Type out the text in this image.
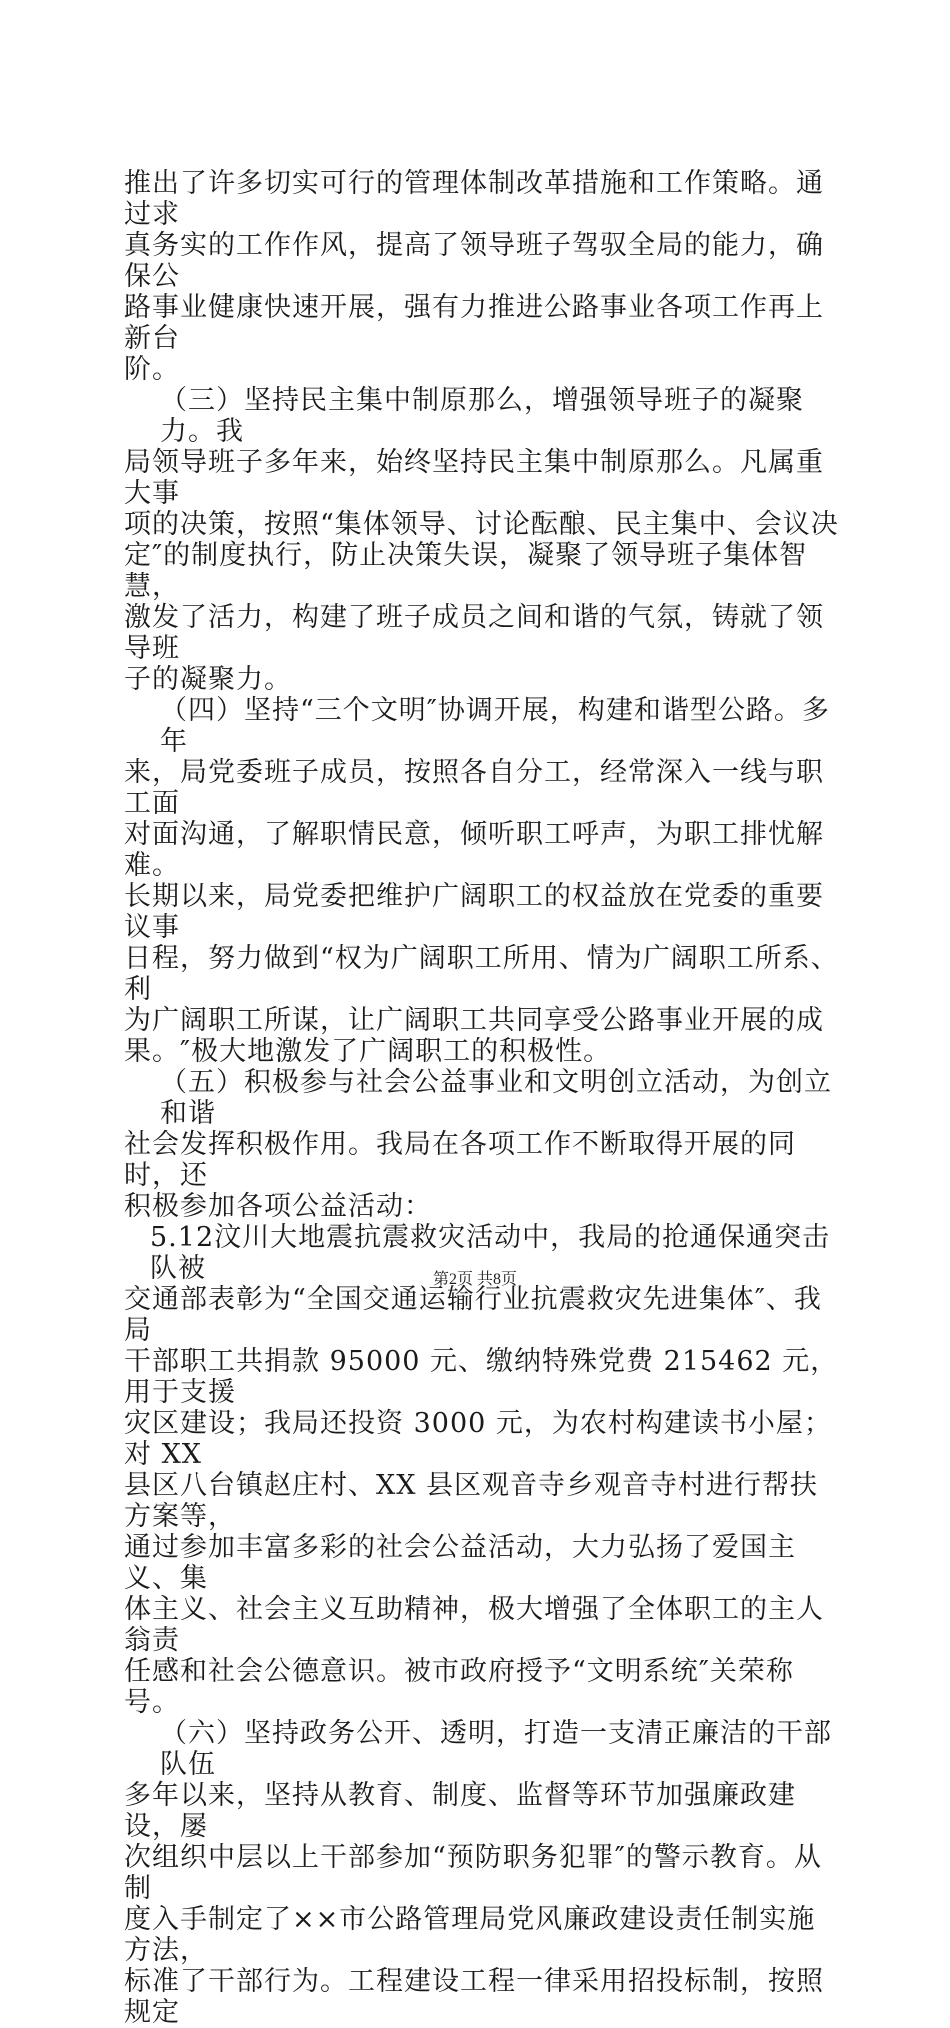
推出了许多切实可行的管理体制改革措施和工作策略。通过求
真务实的工作作风，提高了领导班子驾驭全局的能力，确保公
路事业健康快速开展，强有力推进公路事业各项工作再上新台
阶。
（三）坚持民主集中制原那么，增强领导班子的凝聚力。我
局领导班子多年来，始终坚持民主集中制原那么。凡属重大事
项的决策，按照“集体领导、讨论酝酿、民主集中、会议决
定″的制度执行，防止决策失误，凝聚了领导班子集体智慧，
激发了活力，构建了班子成员之间和谐的气氛，铸就了领导班
子的凝聚力。
（四）坚持“三个文明″协调开展，构建和谐型公路。多年
来，局党委班子成员，按照各自分工，经常深入一线与职工面
对面沟通，了解职情民意，倾听职工呼声，为职工排忧解难。
长期以来，局党委把维护广阔职工的权益放在党委的重要议事
日程，努力做到“权为广阔职工所用、情为广阔职工所系、利
为广阔职工所谋，让广阔职工共同享受公路事业开展的成
果。″极大地激发了广阔职工的积极性。
（五）积极参与社会公益事业和文明创立活动，为创立和谐
社会发挥积极作用。我局在各项工作不断取得开展的同时，还
积极参加各项公益活动：
5.12汶川大地震抗震救灾活动中，我局的抢通保通突击队被
交通部表彰为“全国交通运输行业抗震救灾先进集体″、我局
干部职工共捐款 95000 元、缴纳特殊党费 215462 元，用于支援
灾区建设；我局还投资 3000 元，为农村构建读书小屋；对 XX
县区八台镇赵庄村、XX 县区观音寺乡观音寺村进行帮扶方案等，
通过参加丰富多彩的社会公益活动，大力弘扬了爱国主义、集
体主义、社会主义互助精神，极大增强了全体职工的主人翁责
任感和社会公德意识。被市政府授予“文明系统″关荣称号。
（六）坚持政务公开、透明，打造一支清正廉洁的干部队伍
多年以来，坚持从教育、制度、监督等环节加强廉政建设，屡
次组织中层以上干部参加“预防职务犯罪″的警示教育。从制
度入手制定了××市公路管理局党风廉政建设责任制实施方法，
标准了干部行为。工程建设工程一律采用招投标制，按照规定
第2页 共8页
